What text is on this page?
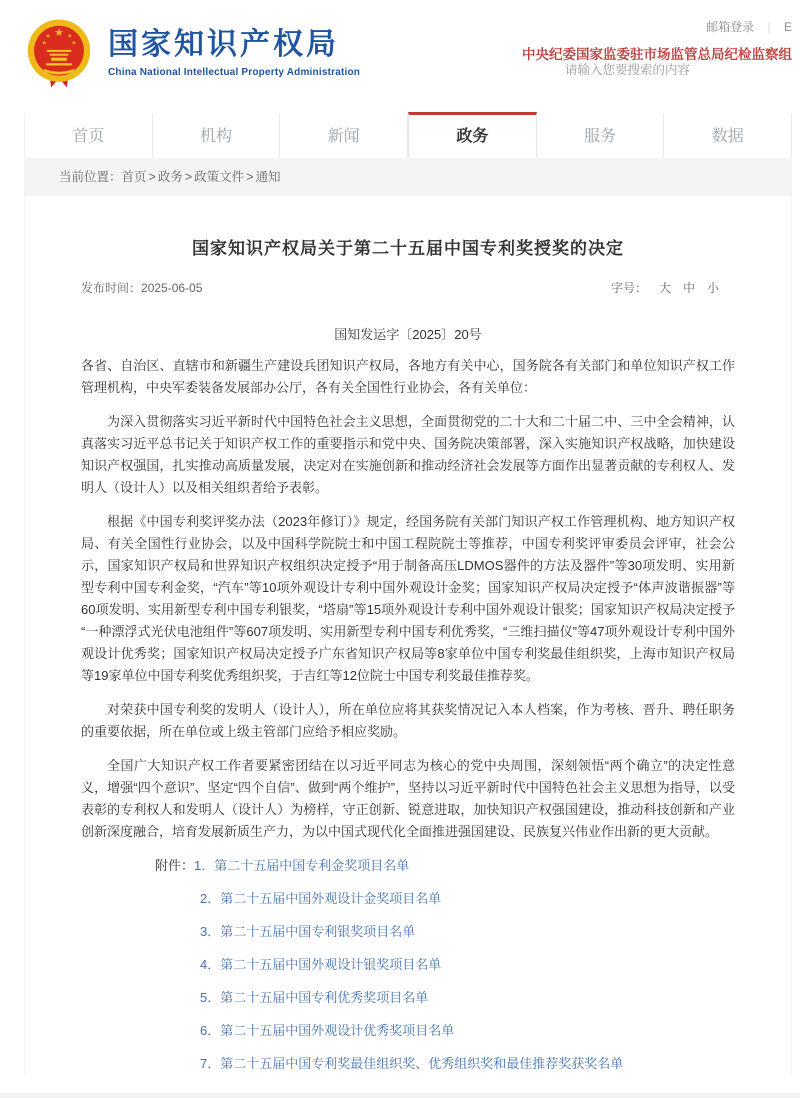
★
★ ★
★	★ 国家知识产权局
China National Intellectual Property Administration
邮箱登录 | E
中央纪委国家监委驻市场监管总局纪检监察组
请输入您要搜索的内容
首页	机构	新闻	政务	服务	数据
当前位置：首页 > 政务 > 政策文件 > 通知
国家知识产权局关于第二十五届中国专利奖授奖的决定
发布时间：2025-06-05	字号： 大 中 小
国知发运字〔2025〕20号

各省、自治区、直辖市和新疆生产建设兵团知识产权局，各地方有关中心，国务院各有关部门和单位知识产权工作管理机构，中央军委装备发展部办公厅，各有关全国性行业协会，各有关单位：

为深入贯彻落实习近平新时代中国特色社会主义思想，全面贯彻党的二十大和二十届二中、三中全会精神，认真落实习近平总书记关于知识产权工作的重要指示和党中央、国务院决策部署，深入实施知识产权战略，加快建设知识产权强国，扎实推动高质量发展，决定对在实施创新和推动经济社会发展等方面作出显著贡献的专利权人、发明人（设计人）以及相关组织者给予表彰。

根据《中国专利奖评奖办法（2023年修订）》规定，经国务院有关部门知识产权工作管理机构、地方知识产权局、有关全国性行业协会，以及中国科学院院士和中国工程院院士等推荐，中国专利奖评审委员会评审，社会公示，国家知识产权局和世界知识产权组织决定授予“用于制备高压LDMOS器件的方法及器件”等30项发明、实用新型专利中国专利金奖，“汽车”等10项外观设计专利中国外观设计金奖；国家知识产权局决定授予“体声波谐振器”等60项发明、实用新型专利中国专利银奖，“塔扇”等15项外观设计专利中国外观设计银奖；国家知识产权局决定授予“一种漂浮式光伏电池组件”等607项发明、实用新型专利中国专利优秀奖，“三维扫描仪”等47项外观设计专利中国外观设计优秀奖；国家知识产权局决定授予广东省知识产权局等8家单位中国专利奖最佳组织奖，上海市知识产权局等19家单位中国专利奖优秀组织奖，于吉红等12位院士中国专利奖最佳推荐奖。

对荣获中国专利奖的发明人（设计人），所在单位应将其获奖情况记入本人档案，作为考核、晋升、聘任职务的重要依据，所在单位或上级主管部门应给予相应奖励。

全国广大知识产权工作者要紧密团结在以习近平同志为核心的党中央周围，深刻领悟“两个确立”的决定性意义，增强“四个意识”、坚定“四个自信”、做到“两个维护”，坚持以习近平新时代中国特色社会主义思想为指导，以受表彰的专利权人和发明人（设计人）为榜样，守正创新、锐意进取，加快知识产权强国建设，推动科技创新和产业创新深度融合，培育发展新质生产力，为以中国式现代化全面推进强国建设、民族复兴伟业作出新的更大贡献。

附件：1．第二十五届中国专利金奖项目名单
2．第二十五届中国外观设计金奖项目名单
3．第二十五届中国专利银奖项目名单
4．第二十五届中国外观设计银奖项目名单
5．第二十五届中国专利优秀奖项目名单
6．第二十五届中国外观设计优秀奖项目名单
7．第二十五届中国专利奖最佳组织奖、优秀组织奖和最佳推荐奖获奖名单
